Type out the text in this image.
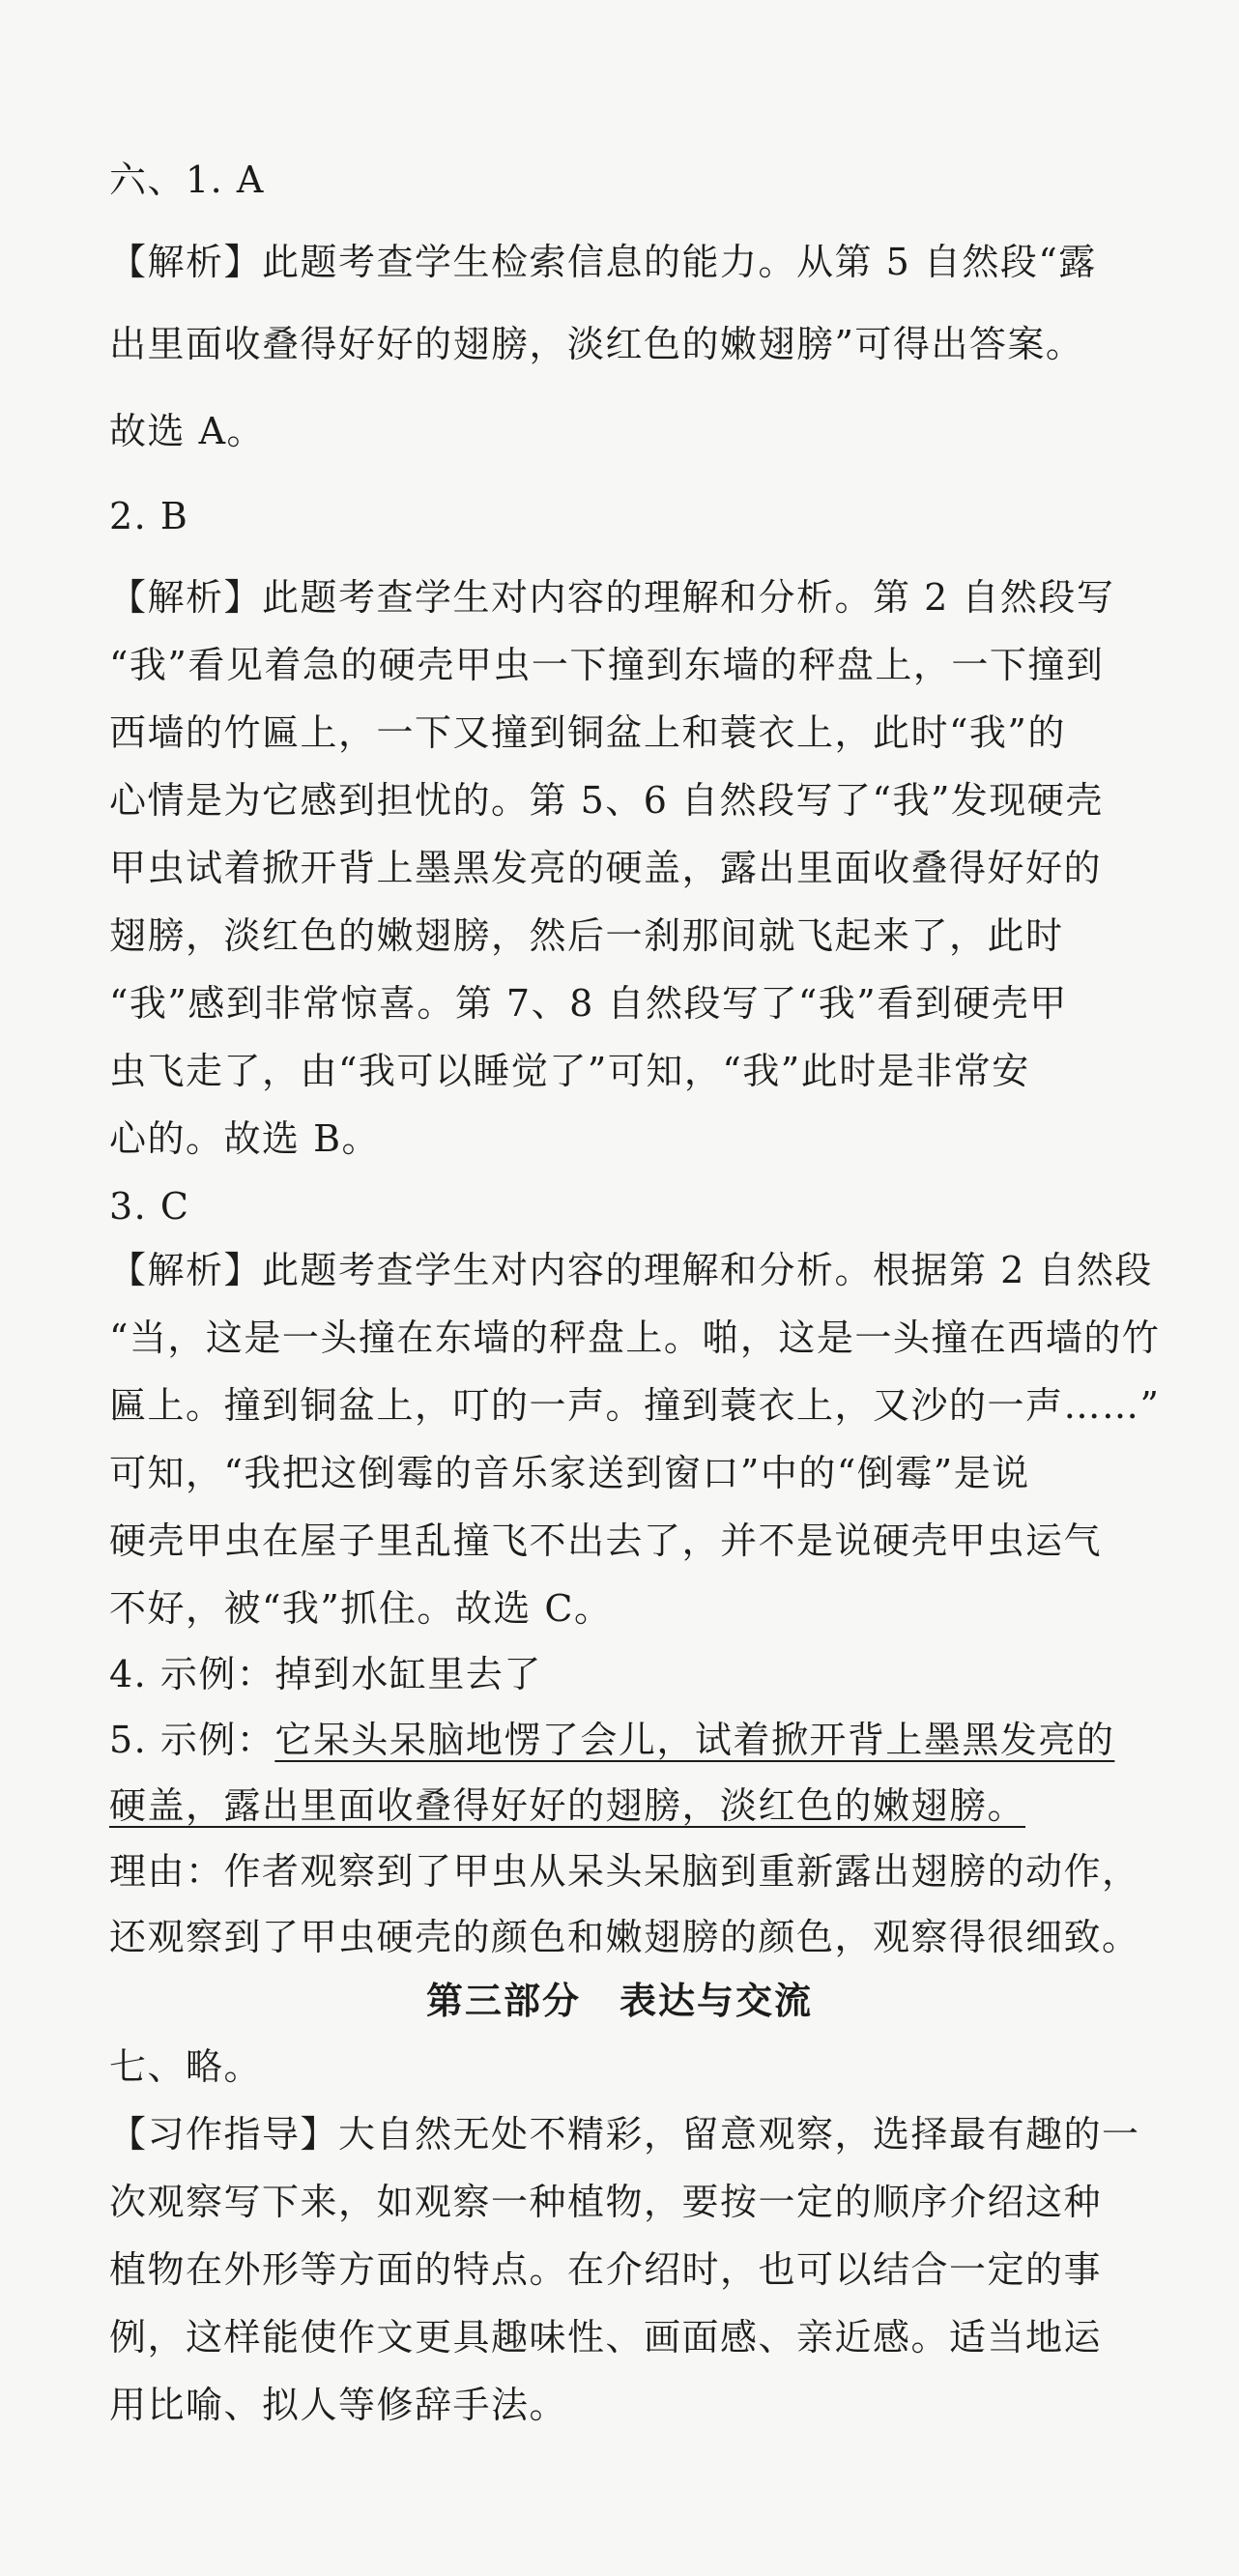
六、1. A
【解析】此题考查学生检索信息的能力。从第 5 自然段“露
出里面收叠得好好的翅膀，淡红色的嫩翅膀”可得出答案。
故选 A。
2. B
【解析】此题考查学生对内容的理解和分析。第 2 自然段写
“我”看见着急的硬壳甲虫一下撞到东墙的秤盘上，一下撞到
西墙的竹匾上，一下又撞到铜盆上和蓑衣上，此时“我”的
心情是为它感到担忧的。第 5、6 自然段写了“我”发现硬壳
甲虫试着掀开背上墨黑发亮的硬盖，露出里面收叠得好好的
翅膀，淡红色的嫩翅膀，然后一刹那间就飞起来了，此时
“我”感到非常惊喜。第 7、8 自然段写了“我”看到硬壳甲
虫飞走了，由“我可以睡觉了”可知，“我”此时是非常安
心的。故选 B。
3. C
【解析】此题考查学生对内容的理解和分析。根据第 2 自然段
“当，这是一头撞在东墙的秤盘上。啪，这是一头撞在西墙的竹
匾上。撞到铜盆上，叮的一声。撞到蓑衣上，又沙的一声……”
可知，“我把这倒霉的音乐家送到窗口”中的“倒霉”是说
硬壳甲虫在屋子里乱撞飞不出去了，并不是说硬壳甲虫运气
不好，被“我”抓住。故选 C。
4. 示例：掉到水缸里去了
5. 示例：它呆头呆脑地愣了会儿，试着掀开背上墨黑发亮的
硬盖，露出里面收叠得好好的翅膀，淡红色的嫩翅膀。
理由：作者观察到了甲虫从呆头呆脑到重新露出翅膀的动作，
还观察到了甲虫硬壳的颜色和嫩翅膀的颜色，观察得很细致。
第三部分　表达与交流
七、略。
【习作指导】大自然无处不精彩，留意观察，选择最有趣的一
次观察写下来，如观察一种植物，要按一定的顺序介绍这种
植物在外形等方面的特点。在介绍时，也可以结合一定的事
例，这样能使作文更具趣味性、画面感、亲近感。适当地运
用比喻、拟人等修辞手法。
